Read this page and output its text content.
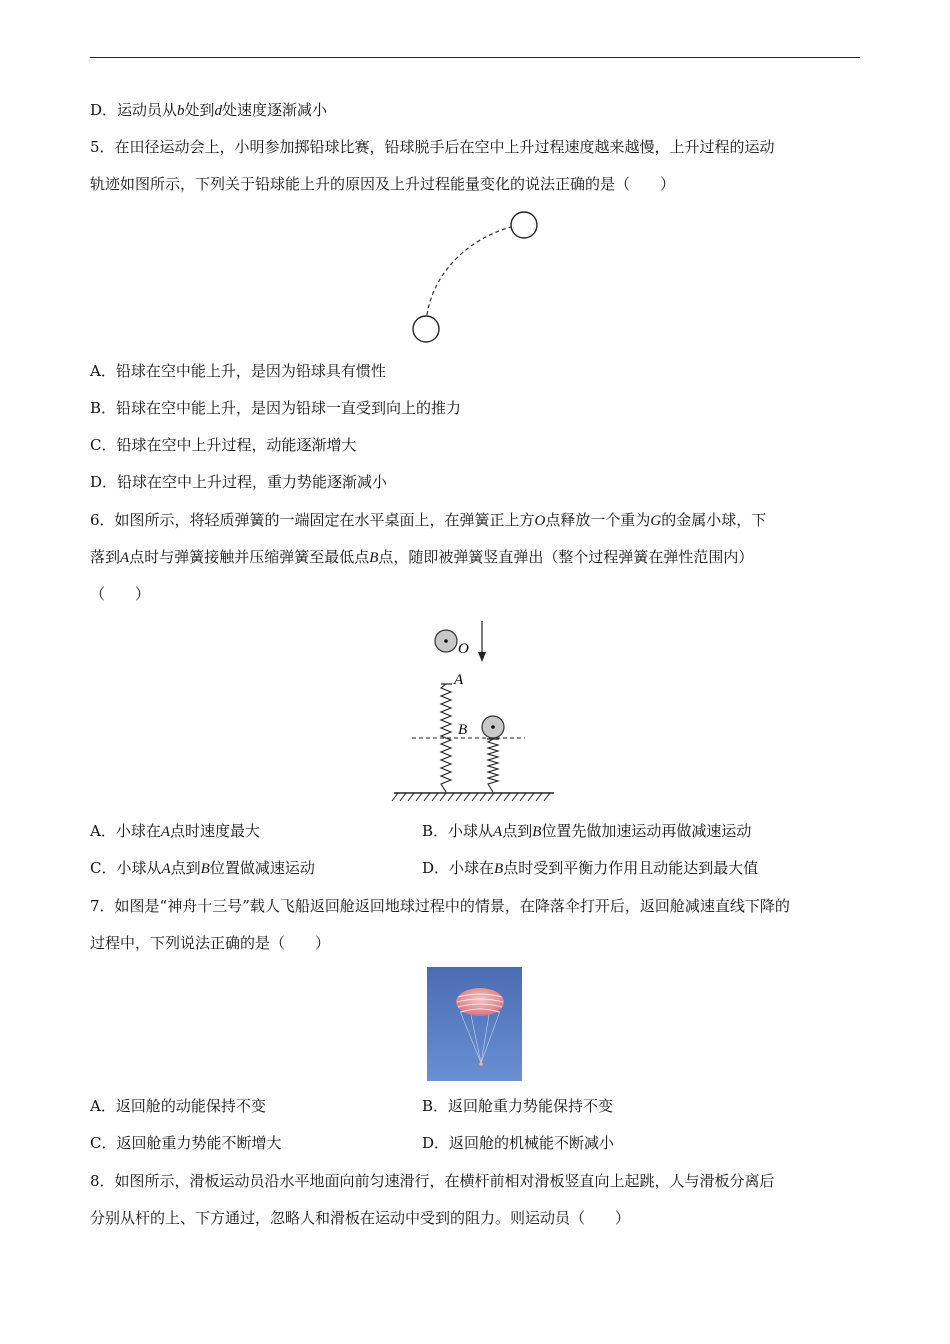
D．运动员从b处到d处速度逐渐减小
5．在田径运动会上，小明参加掷铅球比赛，铅球脱手后在空中上升过程速度越来越慢，上升过程的运动
轨迹如图所示，下列关于铅球能上升的原因及上升过程能量变化的说法正确的是（　　）
A．铅球在空中能上升，是因为铅球具有惯性
B．铅球在空中能上升，是因为铅球一直受到向上的推力
C．铅球在空中上升过程，动能逐渐增大
D．铅球在空中上升过程，重力势能逐渐减小
6．如图所示，将轻质弹簧的一端固定在水平桌面上，在弹簧正上方O点释放一个重为G的金属小球，下
落到A点时与弹簧接触并压缩弹簧至最低点B点，随即被弹簧竖直弹出（整个过程弹簧在弹性范围内）
（　　）
O
A
B
A．小球在A点时速度最大	B．小球从A点到B位置先做加速运动再做减速运动
C．小球从A点到B位置做减速运动	D．小球在B点时受到平衡力作用且动能达到最大值
7．如图是“神舟十三号”载人飞船返回舱返回地球过程中的情景，在降落伞打开后，返回舱减速直线下降的
过程中，下列说法正确的是（　　）
A．返回舱的动能保持不变	B．返回舱重力势能保持不变
C．返回舱重力势能不断增大	D．返回舱的机械能不断减小
8．如图所示，滑板运动员沿水平地面向前匀速滑行，在横杆前相对滑板竖直向上起跳，人与滑板分离后
分别从杆的上、下方通过，忽略人和滑板在运动中受到的阻力。则运动员（　　）
